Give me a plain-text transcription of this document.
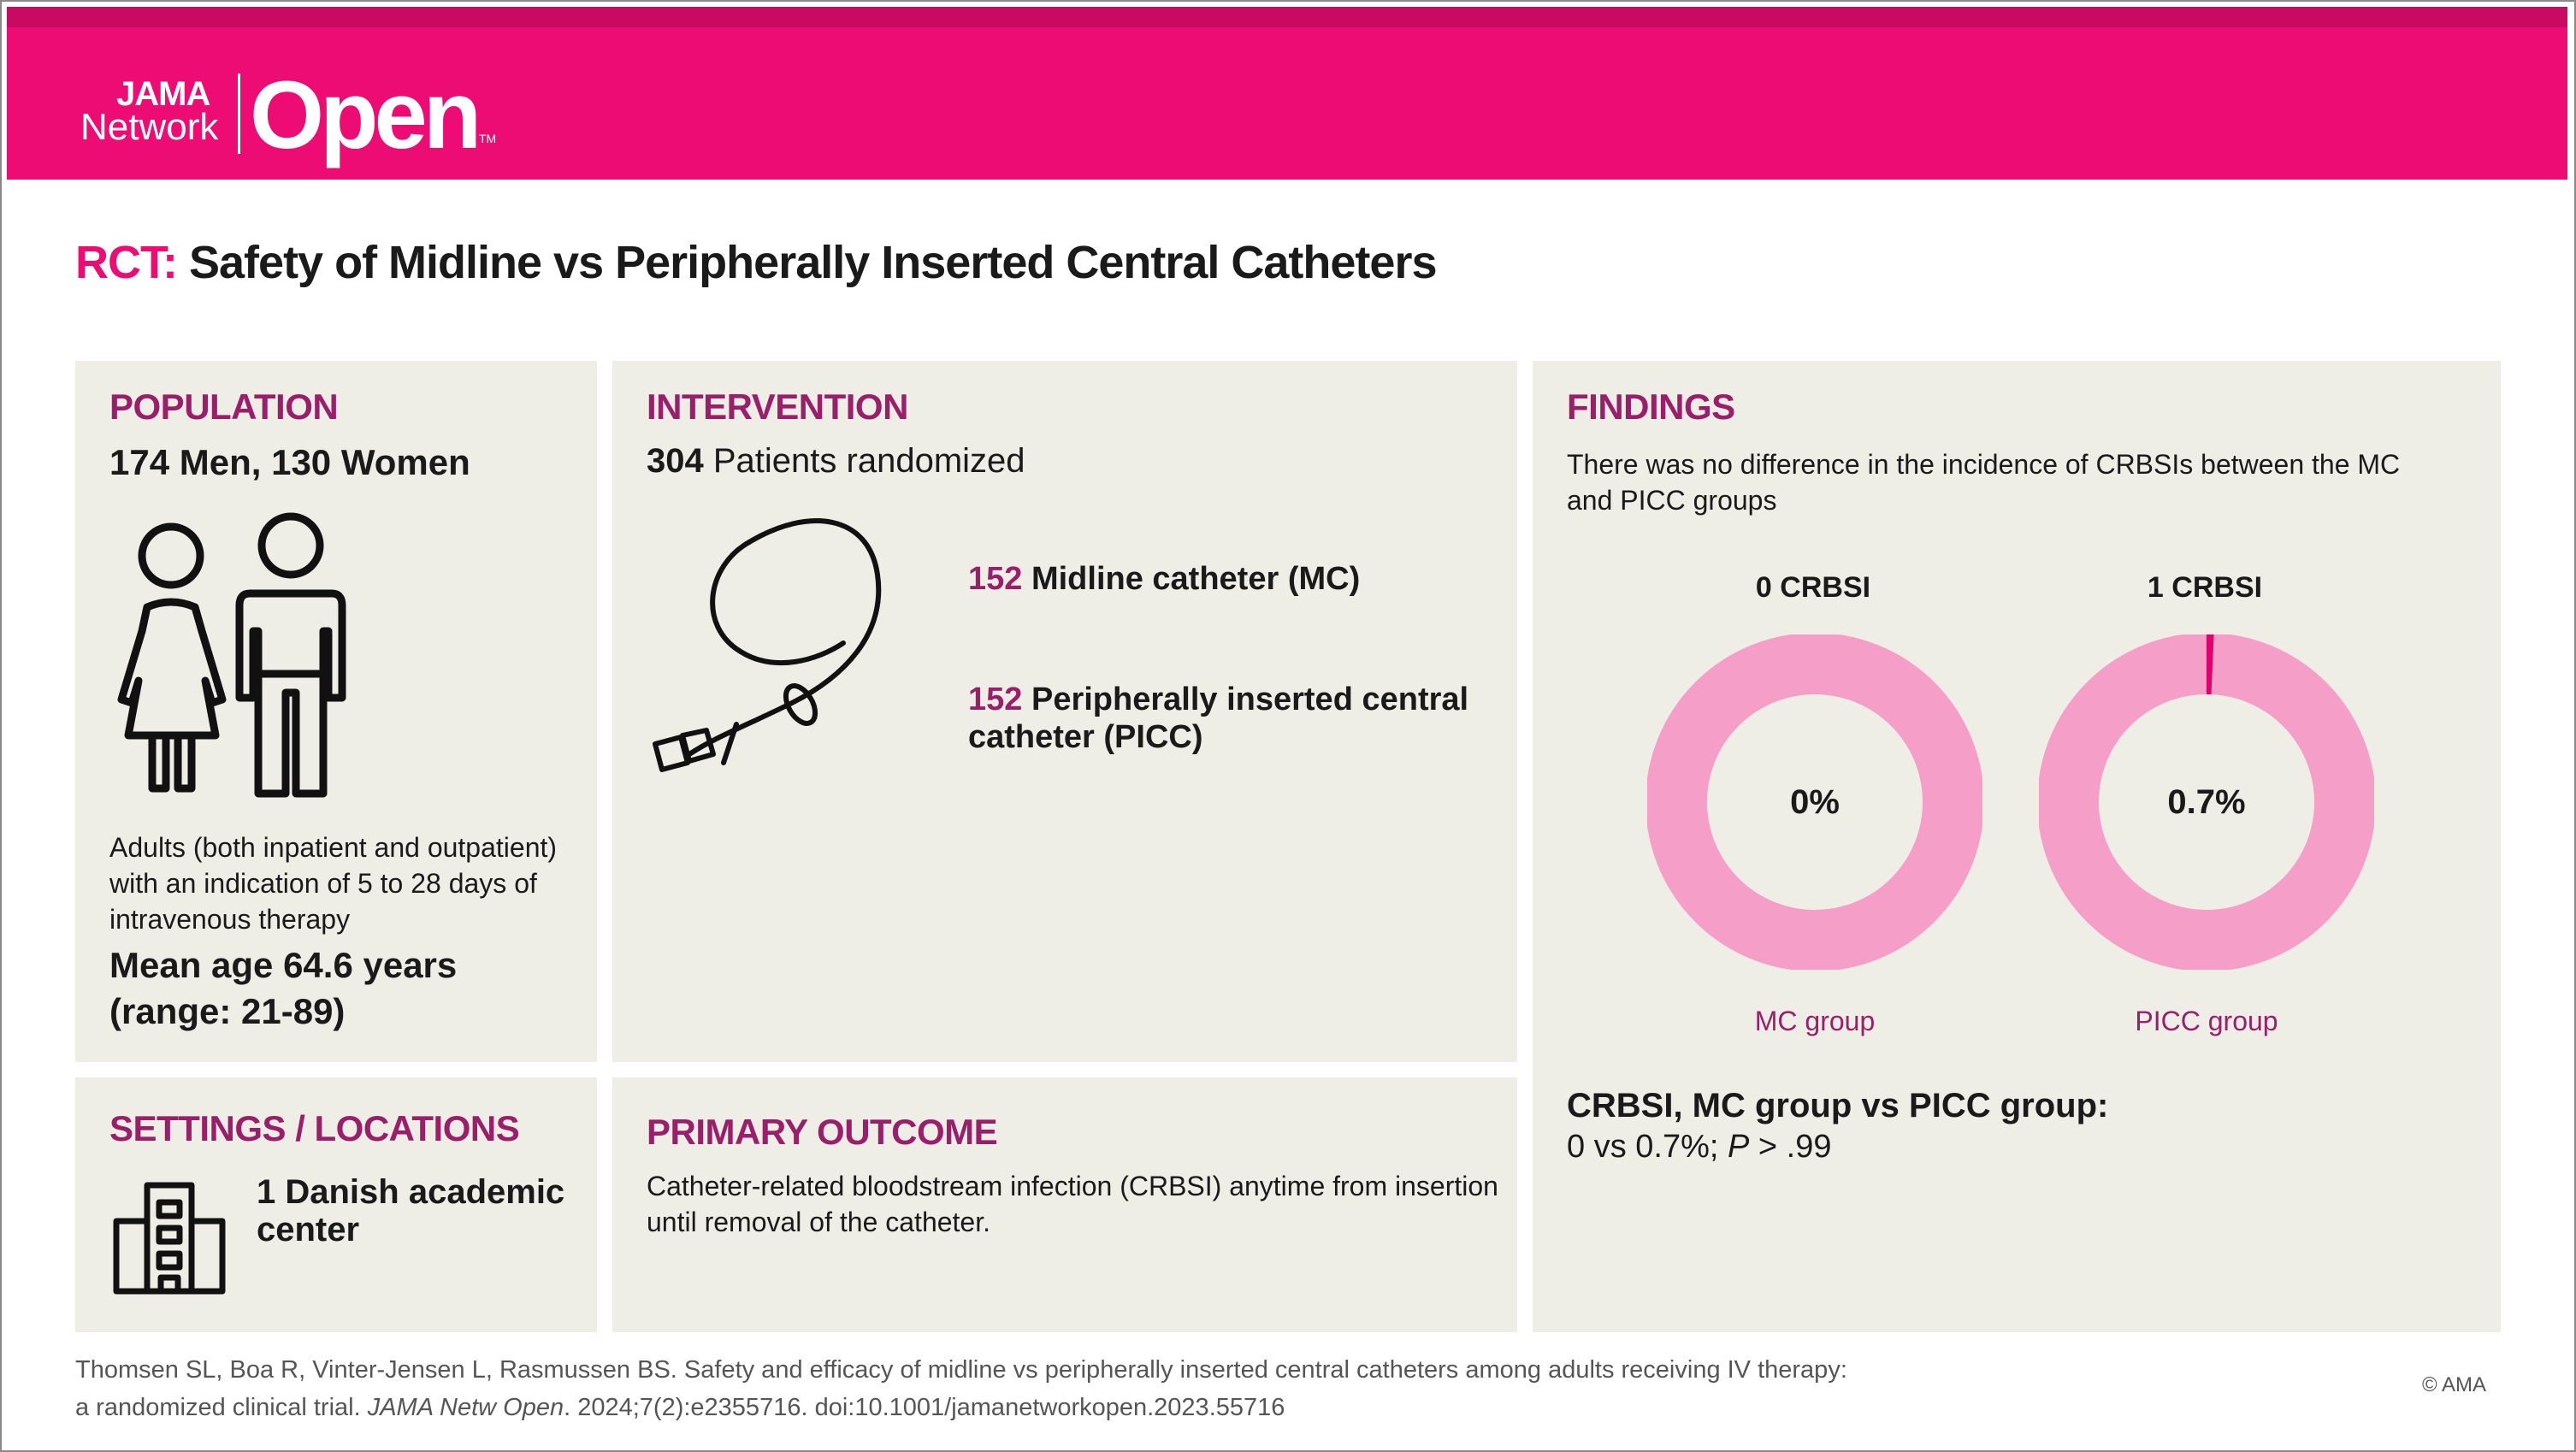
JAMA
Network Open TM
RCT: Safety of Midline vs Peripherally Inserted Central Catheters
POPULATION
174 Men, 130 Women
Adults (both inpatient and outpatient) with an indication of 5 to 28 days of intravenous therapy
Mean age 64.6 years (range: 21-89)
INTERVENTION
304 Patients randomized
152 Midline catheter (MC)
152 Peripherally inserted central catheter (PICC)
FINDINGS
There was no difference in the incidence of CRBSIs between the MC and PICC groups
0 CRBSI	1 CRBSI
0%	0.7%
MC group	PICC group
CRBSI, MC group vs PICC group:
0 vs 0.7%; P > .99
SETTINGS / LOCATIONS
1 Danish academic center
PRIMARY OUTCOME
Catheter-related bloodstream infection (CRBSI) anytime from insertion until removal of the catheter.
Thomsen SL, Boa R, Vinter-Jensen L, Rasmussen BS. Safety and efficacy of midline vs peripherally inserted central catheters among adults receiving IV therapy:
a randomized clinical trial. JAMA Netw Open. 2024;7(2):e2355716. doi:10.1001/jamanetworkopen.2023.55716
© AMA
